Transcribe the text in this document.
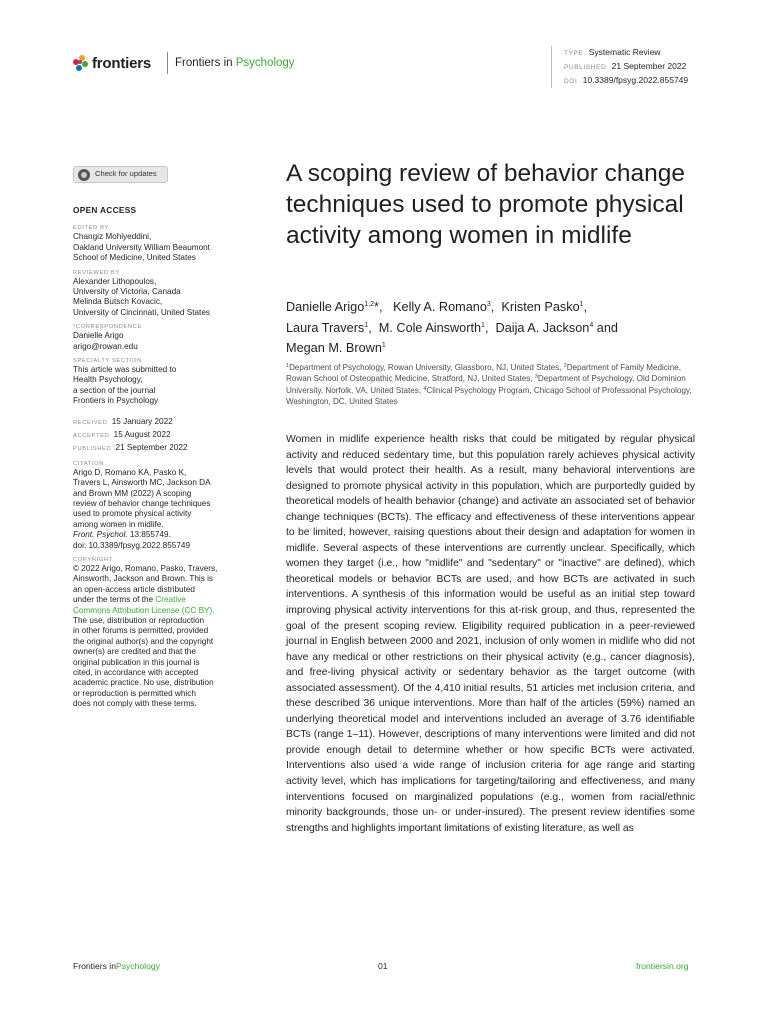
frontiers Frontiers in Psychology
TYPE Systematic Review
PUBLISHED 21 September 2022
DOI 10.3389/fpsyg.2022.855749
Check for updates
OPEN ACCESS
EDITED BY
Changiz Mohiyeddini,
Oakland University William Beaumont
School of Medicine, United States
REVIEWED BY
Alexander Lithopoulos,
University of Victoria, Canada
Melinda Butsch Kovacic,
University of Cincinnati, United States
*CORRESPONDENCE
Danielle Arigo
arigo@rowan.edu
SPECIALTY SECTION
This article was submitted to
Health Psychology,
a section of the journal
Frontiers in Psychology
RECEIVED 15 January 2022
ACCEPTED 15 August 2022
PUBLISHED 21 September 2022
CITATION
Arigo D, Romano KA, Pasko K,
Travers L, Ainsworth MC, Jackson DA
and Brown MM (2022) A scoping
review of behavior change techniques
used to promote physical activity
among women in midlife.
Front. Psychol. 13:855749.
doi: 10.3389/fpsyg.2022.855749
COPYRIGHT
© 2022 Arigo, Romano, Pasko, Travers,
Ainsworth, Jackson and Brown. This is
an open-access article distributed
under the terms of the Creative
Commons Attribution License (CC BY).
The use, distribution or reproduction
in other forums is permitted, provided
the original author(s) and the copyright
owner(s) are credited and that the
original publication in this journal is
cited, in accordance with accepted
academic practice. No use, distribution
or reproduction is permitted which
does not comply with these terms.
A scoping review of behavior change techniques used to promote physical activity among women in midlife
Danielle Arigo$^{1,2}$*,   Kelly A. Romano$^3$,  Kristen Pasko$^1$,
Laura Travers$^1$,  M. Cole Ainsworth$^1$,  Daija A. Jackson$^4$ and
Megan M. Brown$^1$
$^1$Department of Psychology, Rowan University, Glassboro, NJ, United States, $^2$Department of Family Medicine, Rowan School of Osteopathic Medicine, Stratford, NJ, United States, $^3$Department of Psychology, Old Dominion University, Norfolk, VA, United States, $^4$Clinical Psychology Program, Chicago School of Professional Psychology, Washington, DC, United States

Women in midlife experience health risks that could be mitigated by regular physical activity and reduced sedentary time, but this population rarely achieves physical activity levels that would protect their health. As a result, many behavioral interventions are designed to promote physical activity in this population, which are purportedly guided by theoretical models of health behavior (change) and activate an associated set of behavior change techniques (BCTs). The efficacy and effectiveness of these interventions appear to be limited, however, raising questions about their design and adaptation for women in midlife. Several aspects of these interventions are currently unclear. Specifically, which women they target (i.e., how "midlife" and "sedentary" or "inactive" are defined), which theoretical models or behavior BCTs are used, and how BCTs are activated in such interventions. A synthesis of this information would be useful as an initial step toward improving physical activity interventions for this at-risk group, and thus, represented the goal of the present scoping review. Eligibility required publication in a peer-reviewed journal in English between 2000 and 2021, inclusion of only women in midlife who did not have any medical or other restrictions on their physical activity (e.g., cancer diagnosis), and free-living physical activity or sedentary behavior as the target outcome (with associated assessment). Of the 4,410 initial results, 51 articles met inclusion criteria, and these described 36 unique interventions. More than half of the articles (59%) named an underlying theoretical model and interventions included an average of 3.76 identifiable BCTs (range 1–11). However, descriptions of many interventions were limited and did not provide enough detail to determine whether or how specific BCTs were activated. Interventions also used a wide range of inclusion criteria for age range and starting activity level, which has implications for targeting/tailoring and effectiveness, and many interventions focused on marginalized populations (e.g., women from racial/ethnic minority backgrounds, those un- or under-insured). The present review identifies some strengths and highlights important limitations of existing literature, as well as

Frontiers inPsychology	01	frontiersin.org
